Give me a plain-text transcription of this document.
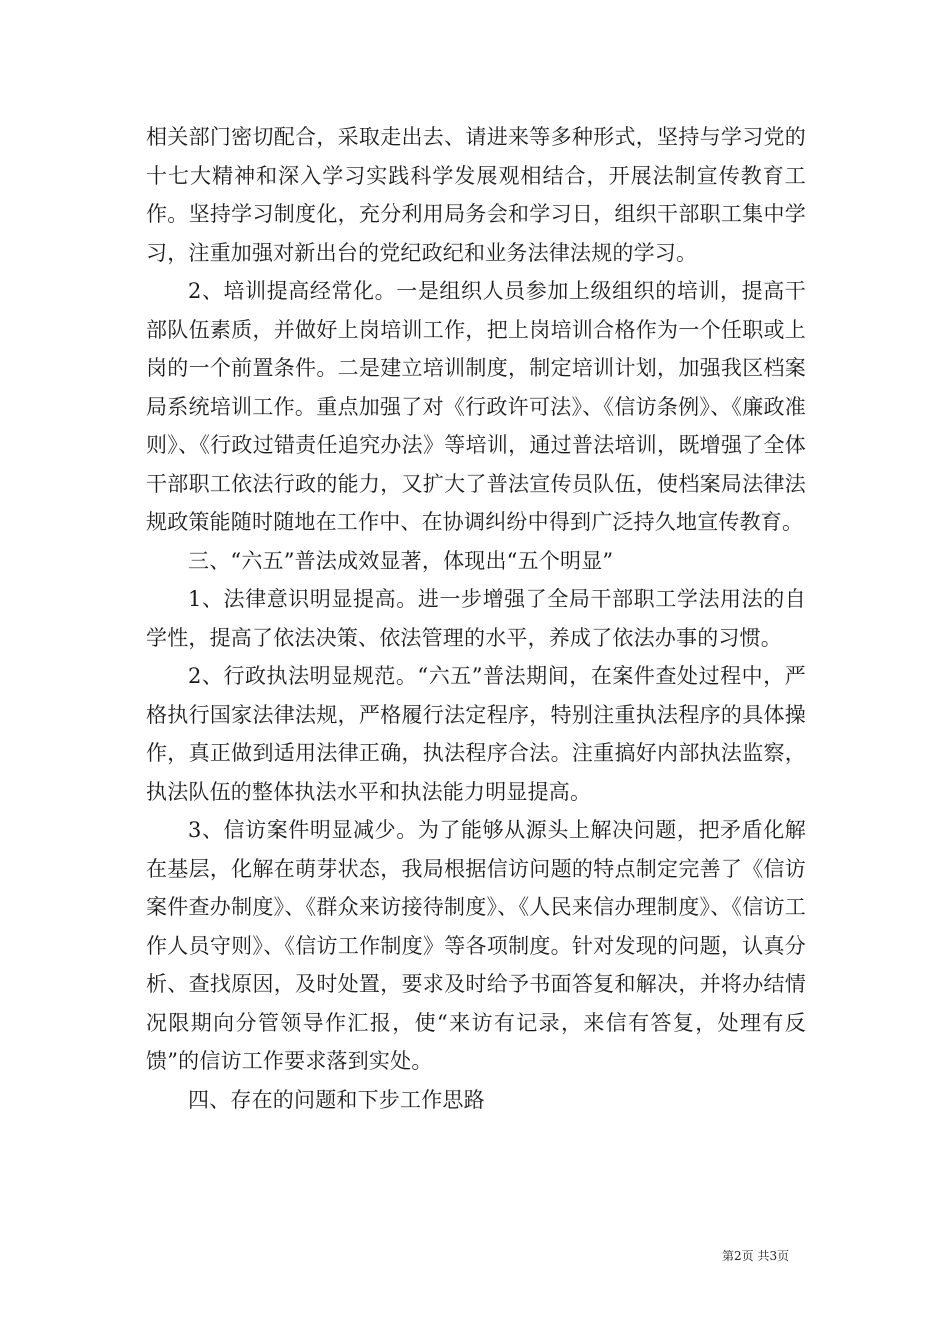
相关部门密切配合，采取走出去、请进来等多种形式，坚持与学习党的十七大精神和深入学习实践科学发展观相结合，开展法制宣传教育工作。坚持学习制度化，充分利用局务会和学习日，组织干部职工集中学习，注重加强对新出台的党纪政纪和业务法律法规的学习。

2、培训提高经常化。一是组织人员参加上级组织的培训，提高干部队伍素质，并做好上岗培训工作，把上岗培训合格作为一个任职或上岗的一个前置条件。二是建立培训制度，制定培训计划，加强我区档案局系统培训工作。重点加强了对《行政许可法》、《信访条例》、《廉政准则》、《行政过错责任追究办法》等培训，通过普法培训，既增强了全体干部职工依法行政的能力，又扩大了普法宣传员队伍，使档案局法律法规政策能随时随地在工作中、在协调纠纷中得到广泛持久地宣传教育。

三、“六五”普法成效显著，体现出“五个明显”

1、法律意识明显提高。进一步增强了全局干部职工学法用法的自学性，提高了依法决策、依法管理的水平，养成了依法办事的习惯。

2、行政执法明显规范。“六五”普法期间，在案件查处过程中，严格执行国家法律法规，严格履行法定程序，特别注重执法程序的具体操作，真正做到适用法律正确，执法程序合法。注重搞好内部执法监察，执法队伍的整体执法水平和执法能力明显提高。

3、信访案件明显减少。为了能够从源头上解决问题，把矛盾化解在基层，化解在萌芽状态，我局根据信访问题的特点制定完善了《信访案件查办制度》、《群众来访接待制度》、《人民来信办理制度》、《信访工作人员守则》、《信访工作制度》等各项制度。针对发现的问题，认真分析、查找原因，及时处置，要求及时给予书面答复和解决，并将办结情况限期向分管领导作汇报，使“来访有记录，来信有答复，处理有反馈”的信访工作要求落到实处。

四、存在的问题和下步工作思路

第2页 共3页
